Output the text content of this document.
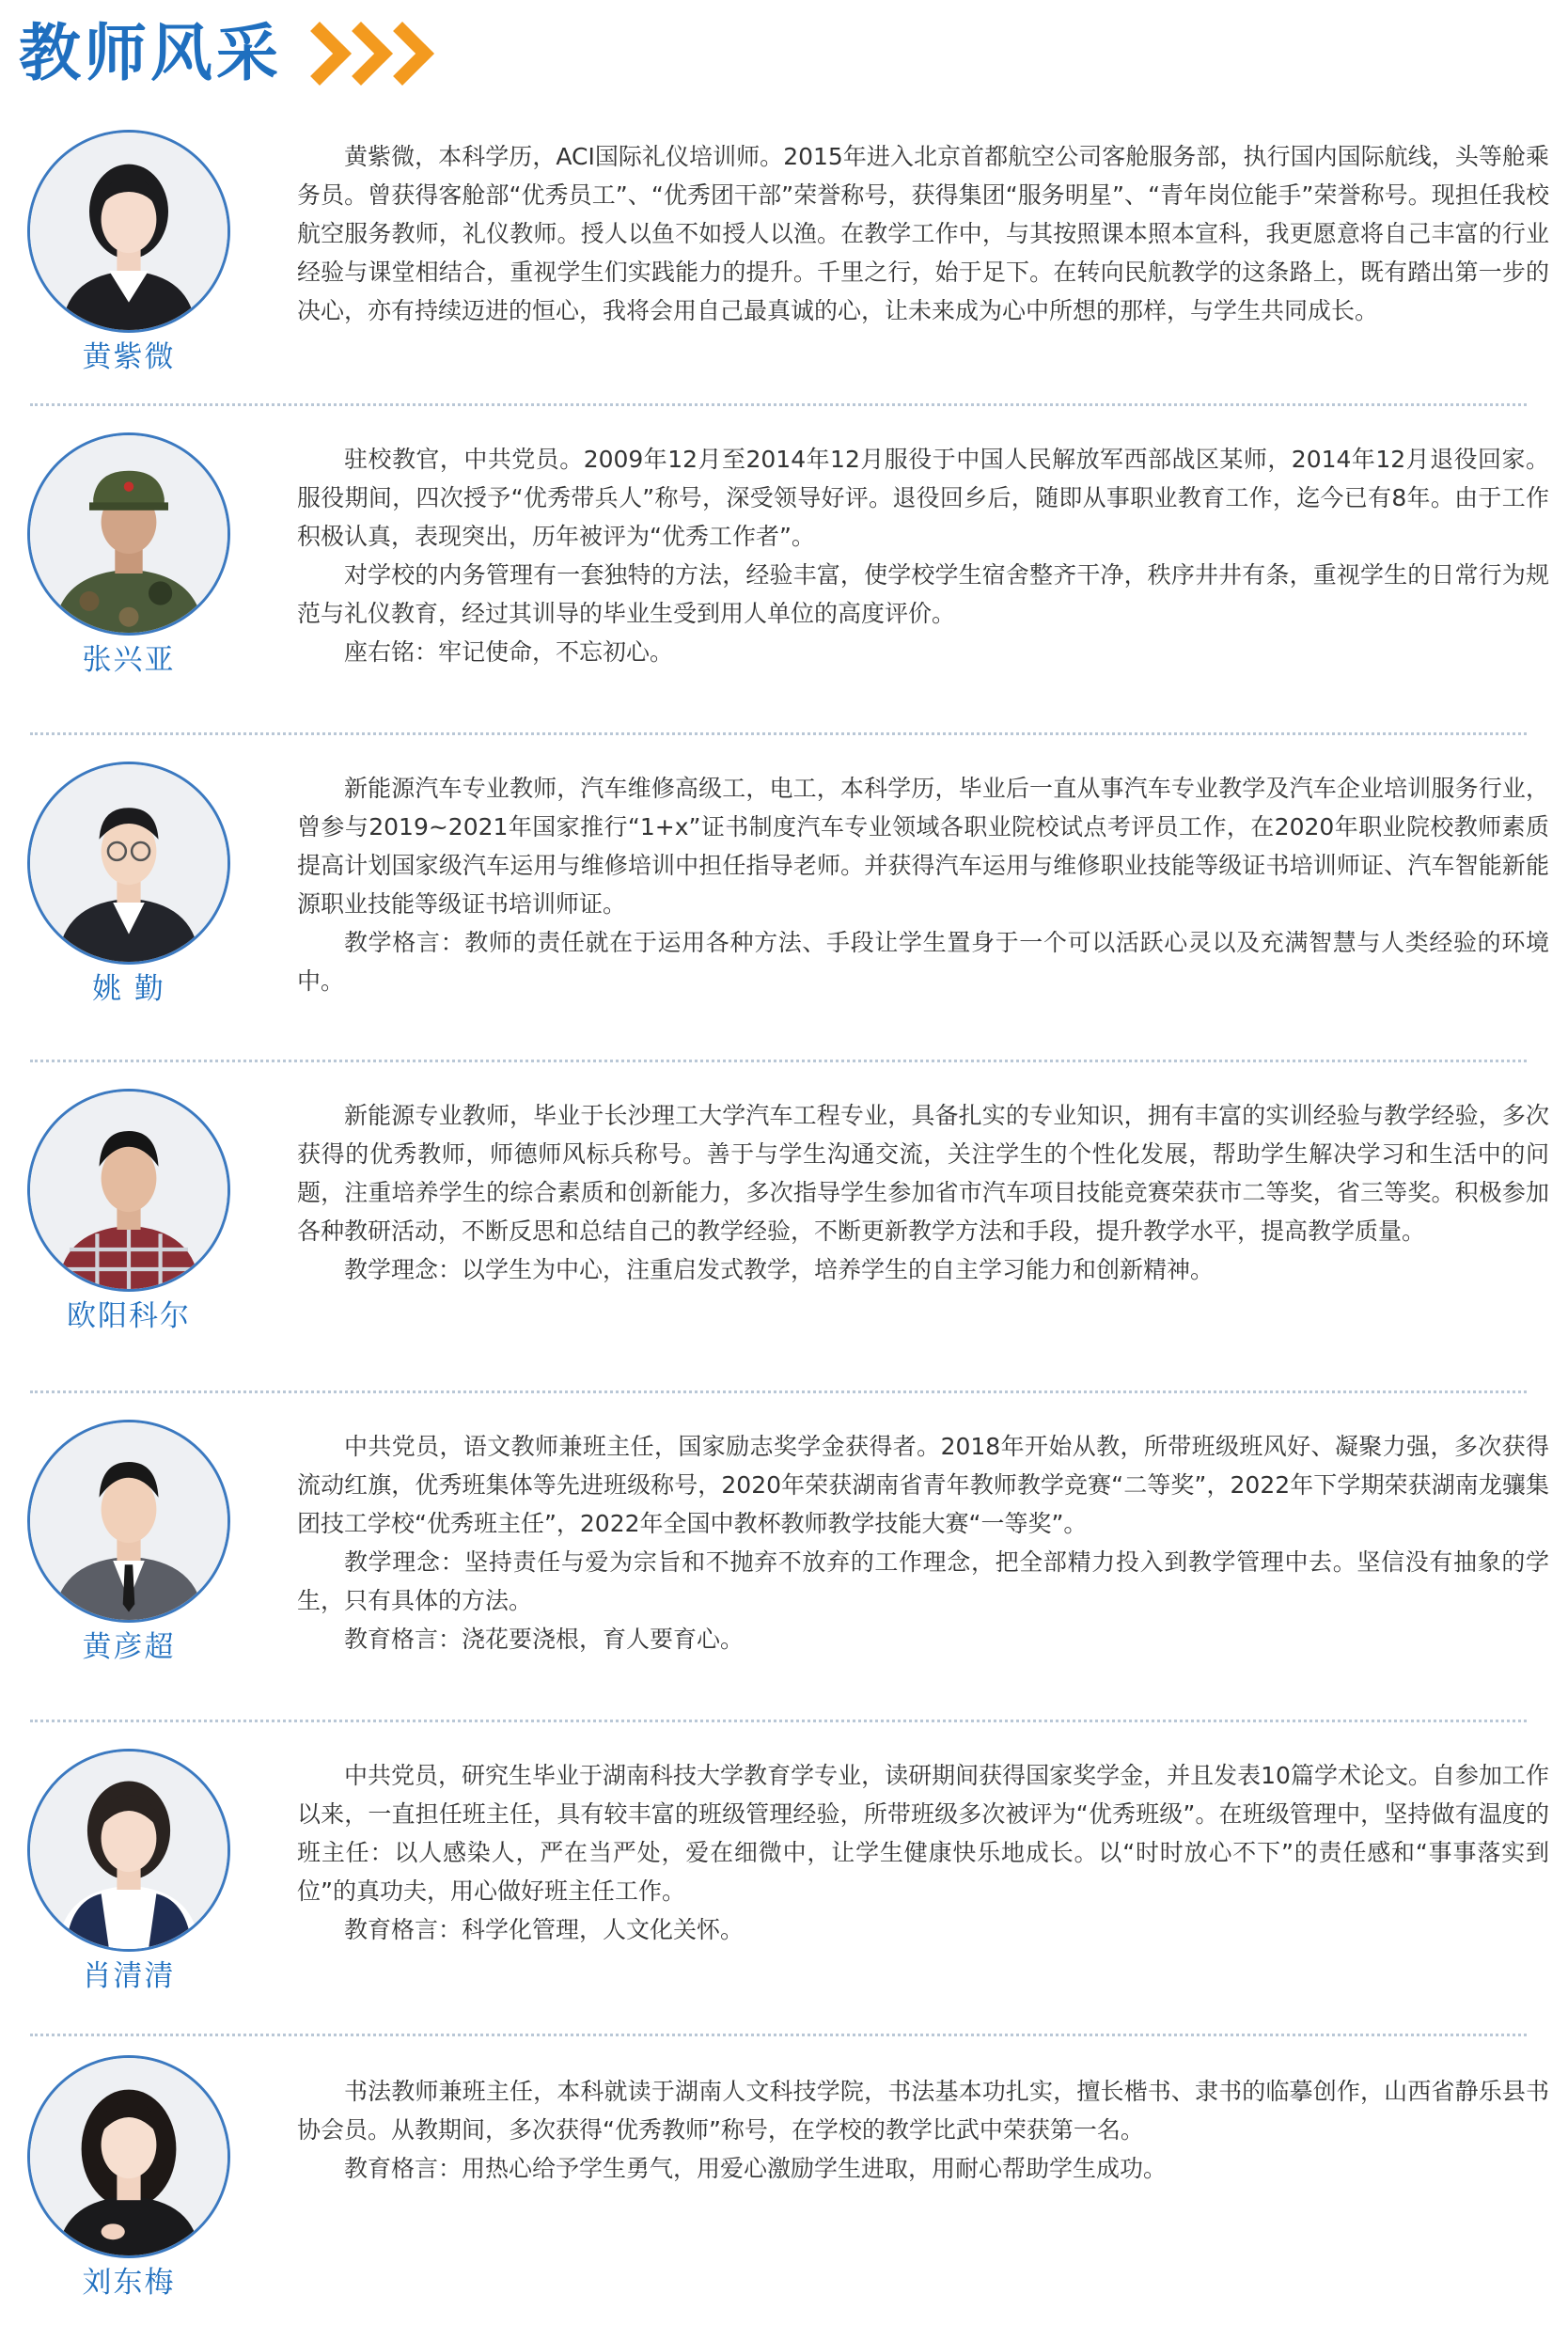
教师风采
黄紫微

黄紫微，本科学历，ACI国际礼仪培训师。2015年进入北京首都航空公司客舱服务部，执行国内国际航线，头等舱乘务员。曾获得客舱部“优秀员工”、“优秀团干部”荣誉称号，获得集团“服务明星”、“青年岗位能手”荣誉称号。现担任我校航空服务教师，礼仪教师。授人以鱼不如授人以渔。在教学工作中，与其按照课本照本宣科，我更愿意将自己丰富的行业经验与课堂相结合，重视学生们实践能力的提升。千里之行，始于足下。在转向民航教学的这条路上，既有踏出第一步的决心，亦有持续迈进的恒心，我将会用自己最真诚的心，让未来成为心中所想的那样，与学生共同成长。

张兴亚

驻校教官，中共党员。2009年12月至2014年12月服役于中国人民解放军西部战区某师，2014年12月退役回家。服役期间，四次授予“优秀带兵人”称号，深受领导好评。退役回乡后，随即从事职业教育工作，迄今已有8年。由于工作积极认真，表现突出，历年被评为“优秀工作者”。

对学校的内务管理有一套独特的方法，经验丰富，使学校学生宿舍整齐干净，秩序井井有条，重视学生的日常行为规范与礼仪教育，经过其训导的毕业生受到用人单位的高度评价。

座右铭：牢记使命，不忘初心。

姚 勤

新能源汽车专业教师，汽车维修高级工，电工，本科学历，毕业后一直从事汽车专业教学及汽车企业培训服务行业，曾参与2019~2021年国家推行“1+x”证书制度汽车专业领域各职业院校试点考评员工作，在2020年职业院校教师素质提高计划国家级汽车运用与维修培训中担任指导老师。并获得汽车运用与维修职业技能等级证书培训师证、汽车智能新能源职业技能等级证书培训师证。

教学格言：教师的责任就在于运用各种方法、手段让学生置身于一个可以活跃心灵以及充满智慧与人类经验的环境中。

欧阳科尔

新能源专业教师，毕业于长沙理工大学汽车工程专业，具备扎实的专业知识，拥有丰富的实训经验与教学经验，多次获得的优秀教师，师德师风标兵称号。善于与学生沟通交流，关注学生的个性化发展，帮助学生解决学习和生活中的问题，注重培养学生的综合素质和创新能力，多次指导学生参加省市汽车项目技能竞赛荣获市二等奖，省三等奖。积极参加各种教研活动，不断反思和总结自己的教学经验，不断更新教学方法和手段，提升教学水平，提高教学质量。

教学理念：以学生为中心，注重启发式教学，培养学生的自主学习能力和创新精神。

黄彦超

中共党员，语文教师兼班主任，国家励志奖学金获得者。2018年开始从教，所带班级班风好、凝聚力强，多次获得流动红旗，优秀班集体等先进班级称号，2020年荣获湖南省青年教师教学竞赛“二等奖”，2022年下学期荣获湖南龙骧集团技工学校“优秀班主任”，2022年全国中教杯教师教学技能大赛“一等奖”。

教学理念：坚持责任与爱为宗旨和不抛弃不放弃的工作理念，把全部精力投入到教学管理中去。坚信没有抽象的学生，只有具体的方法。

教育格言：浇花要浇根，育人要育心。

肖清清

中共党员，研究生毕业于湖南科技大学教育学专业，读研期间获得国家奖学金，并且发表10篇学术论文。自参加工作以来，一直担任班主任，具有较丰富的班级管理经验，所带班级多次被评为“优秀班级”。在班级管理中，坚持做有温度的班主任：以人感染人，严在当严处，爱在细微中，让学生健康快乐地成长。以“时时放心不下”的责任感和“事事落实到位”的真功夫，用心做好班主任工作。

教育格言：科学化管理，人文化关怀。

刘东梅

书法教师兼班主任，本科就读于湖南人文科技学院，书法基本功扎实，擅长楷书、隶书的临摹创作，山西省静乐县书协会员。从教期间，多次获得“优秀教师”称号，在学校的教学比武中荣获第一名。

教育格言：用热心给予学生勇气，用爱心激励学生进取，用耐心帮助学生成功。
